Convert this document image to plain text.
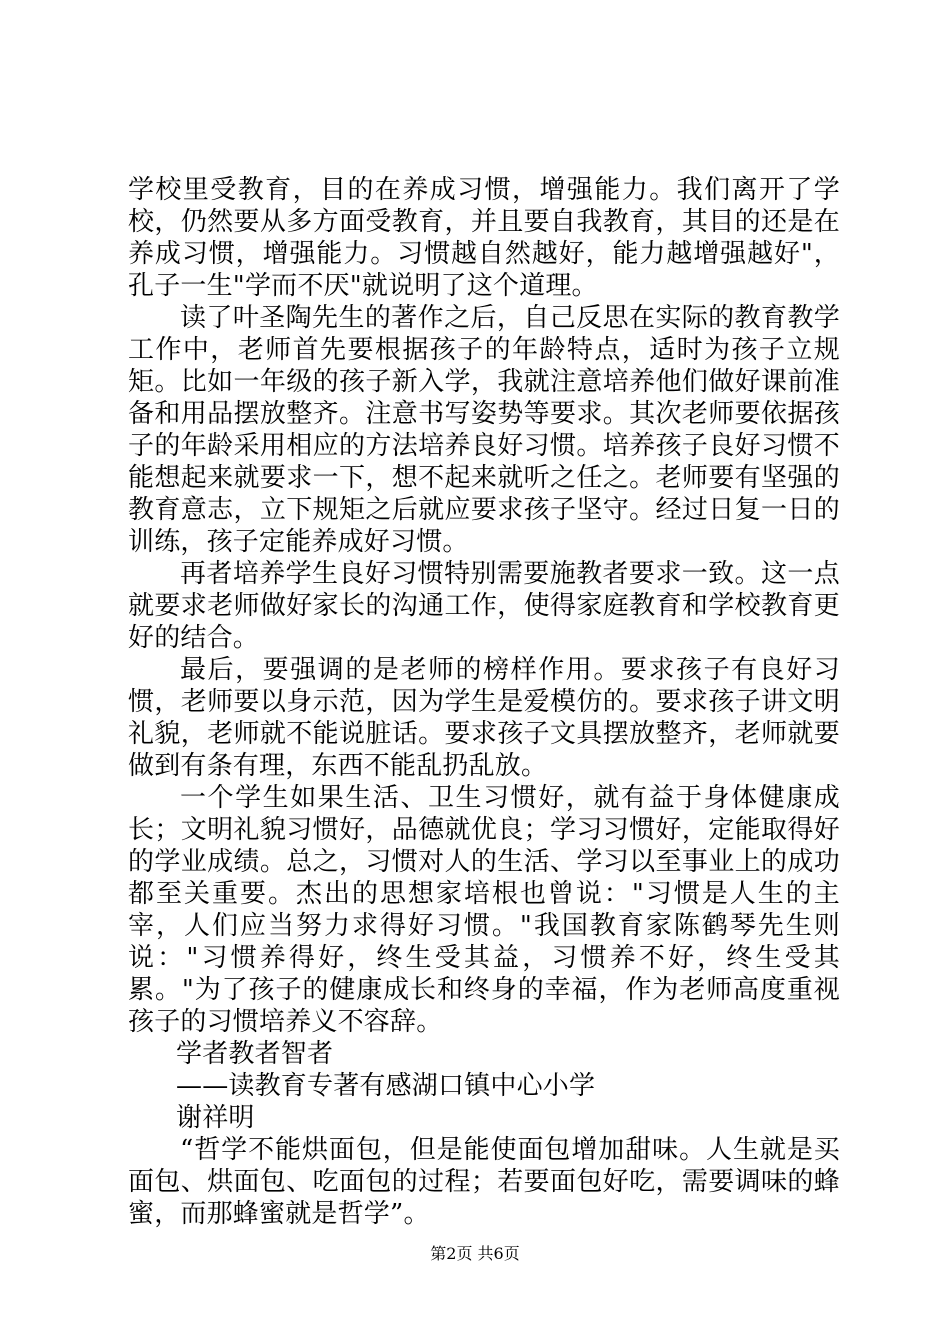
学校里受教育，目的在养成习惯，增强能力。我们离开了学校，仍然要从多方面受教育，并且要自我教育，其目的还是在养成习惯，增强能力。习惯越自然越好，能力越增强越好"，孔子一生"学而不厌"就说明了这个道理。

读了叶圣陶先生的著作之后，自己反思在实际的教育教学工作中，老师首先要根据孩子的年龄特点，适时为孩子立规矩。比如一年级的孩子新入学，我就注意培养他们做好课前准备和用品摆放整齐。注意书写姿势等要求。其次老师要依据孩子的年龄采用相应的方法培养良好习惯。培养孩子良好习惯不能想起来就要求一下，想不起来就听之任之。老师要有坚强的教育意志，立下规矩之后就应要求孩子坚守。经过日复一日的训练，孩子定能养成好习惯。

再者培养学生良好习惯特别需要施教者要求一致。这一点就要求老师做好家长的沟通工作，使得家庭教育和学校教育更好的结合。

最后，要强调的是老师的榜样作用。要求孩子有良好习惯，老师要以身示范，因为学生是爱模仿的。要求孩子讲文明礼貌，老师就不能说脏话。要求孩子文具摆放整齐，老师就要做到有条有理，东西不能乱扔乱放。

一个学生如果生活、卫生习惯好，就有益于身体健康成长；文明礼貌习惯好，品德就优良；学习习惯好，定能取得好的学业成绩。总之，习惯对人的生活、学习以至事业上的成功都至关重要。杰出的思想家培根也曾说："习惯是人生的主宰，人们应当努力求得好习惯。"我国教育家陈鹤琴先生则说："习惯养得好，终生受其益，习惯养不好，终生受其累。"为了孩子的健康成长和终身的幸福，作为老师高度重视孩子的习惯培养义不容辞。

学者教者智者

——读教育专著有感湖口镇中心小学

谢祥明

“哲学不能烘面包，但是能使面包增加甜味。人生就是买面包、烘面包、吃面包的过程；若要面包好吃，需要调味的蜂蜜，而那蜂蜜就是哲学”。

第2页 共6页
